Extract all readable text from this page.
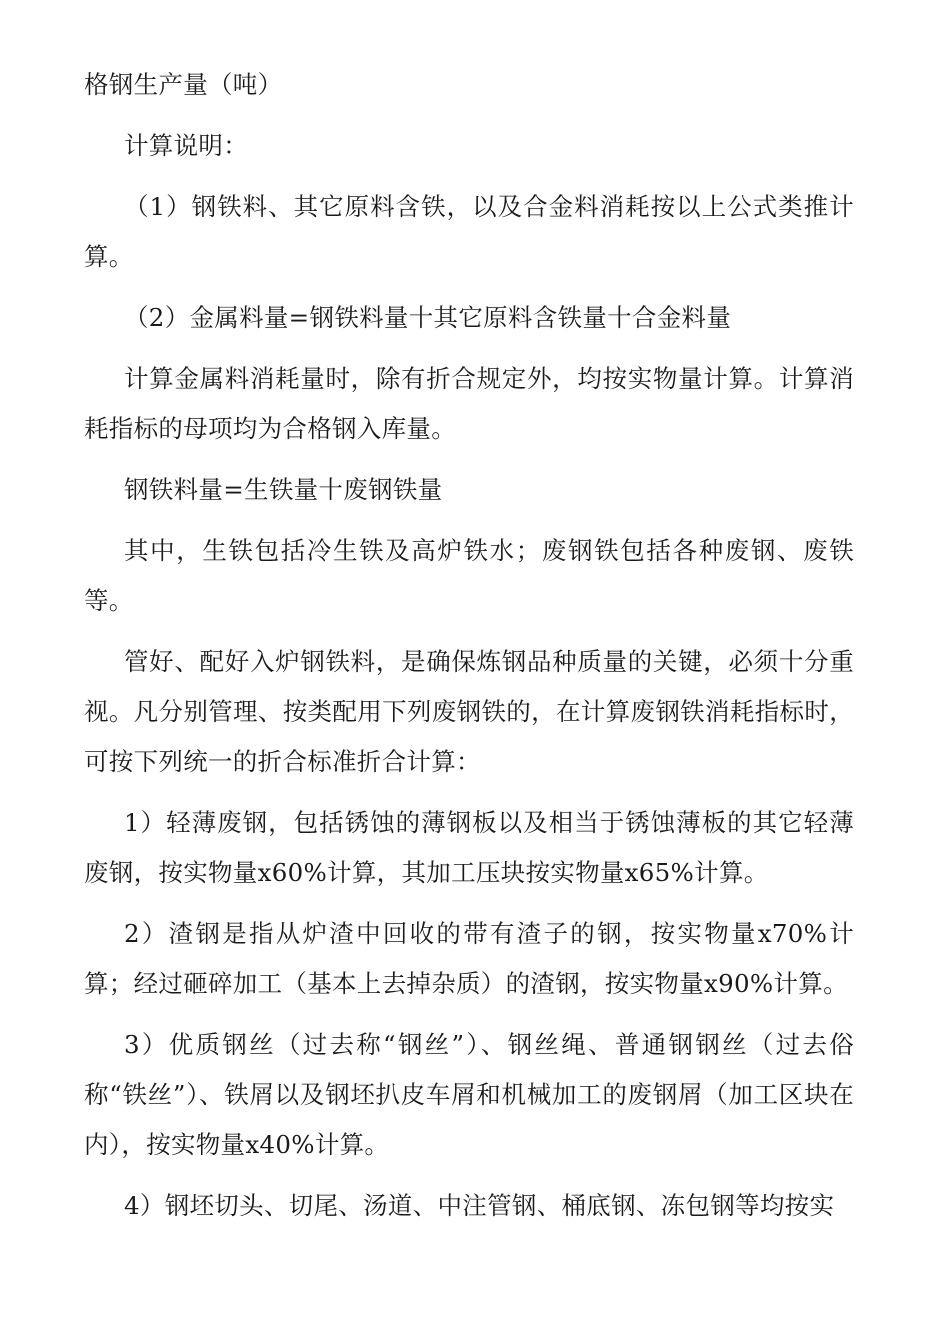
格钢生产量（吨）

计算说明：

（1）钢铁料、其它原料含铁，以及合金料消耗按以上公式类推计算。

（2）金属料量=钢铁料量十其它原料含铁量十合金料量

计算金属料消耗量时，除有折合规定外，均按实物量计算。计算消耗指标的母项均为合格钢入库量。

钢铁料量=生铁量十废钢铁量

其中，生铁包括冷生铁及高炉铁水；废钢铁包括各种废钢、废铁等。

管好、配好入炉钢铁料，是确保炼钢品种质量的关键，必须十分重视。凡分别管理、按类配用下列废钢铁的，在计算废钢铁消耗指标时，可按下列统一的折合标准折合计算：

1）轻薄废钢，包括锈蚀的薄钢板以及相当于锈蚀薄板的其它轻薄废钢，按实物量x60%计算，其加工压块按实物量x65%计算。

2）渣钢是指从炉渣中回收的带有渣子的钢，按实物量x70%计算；经过砸碎加工（基本上去掉杂质）的渣钢，按实物量x90%计算。

3）优质钢丝（过去称“钢丝”）、钢丝绳、普通钢钢丝（过去俗称“铁丝”）、铁屑以及钢坯扒皮车屑和机械加工的废钢屑（加工区块在内），按实物量x40%计算。

4）钢坯切头、切尾、汤道、中注管钢、桶底钢、冻包钢等均按实
